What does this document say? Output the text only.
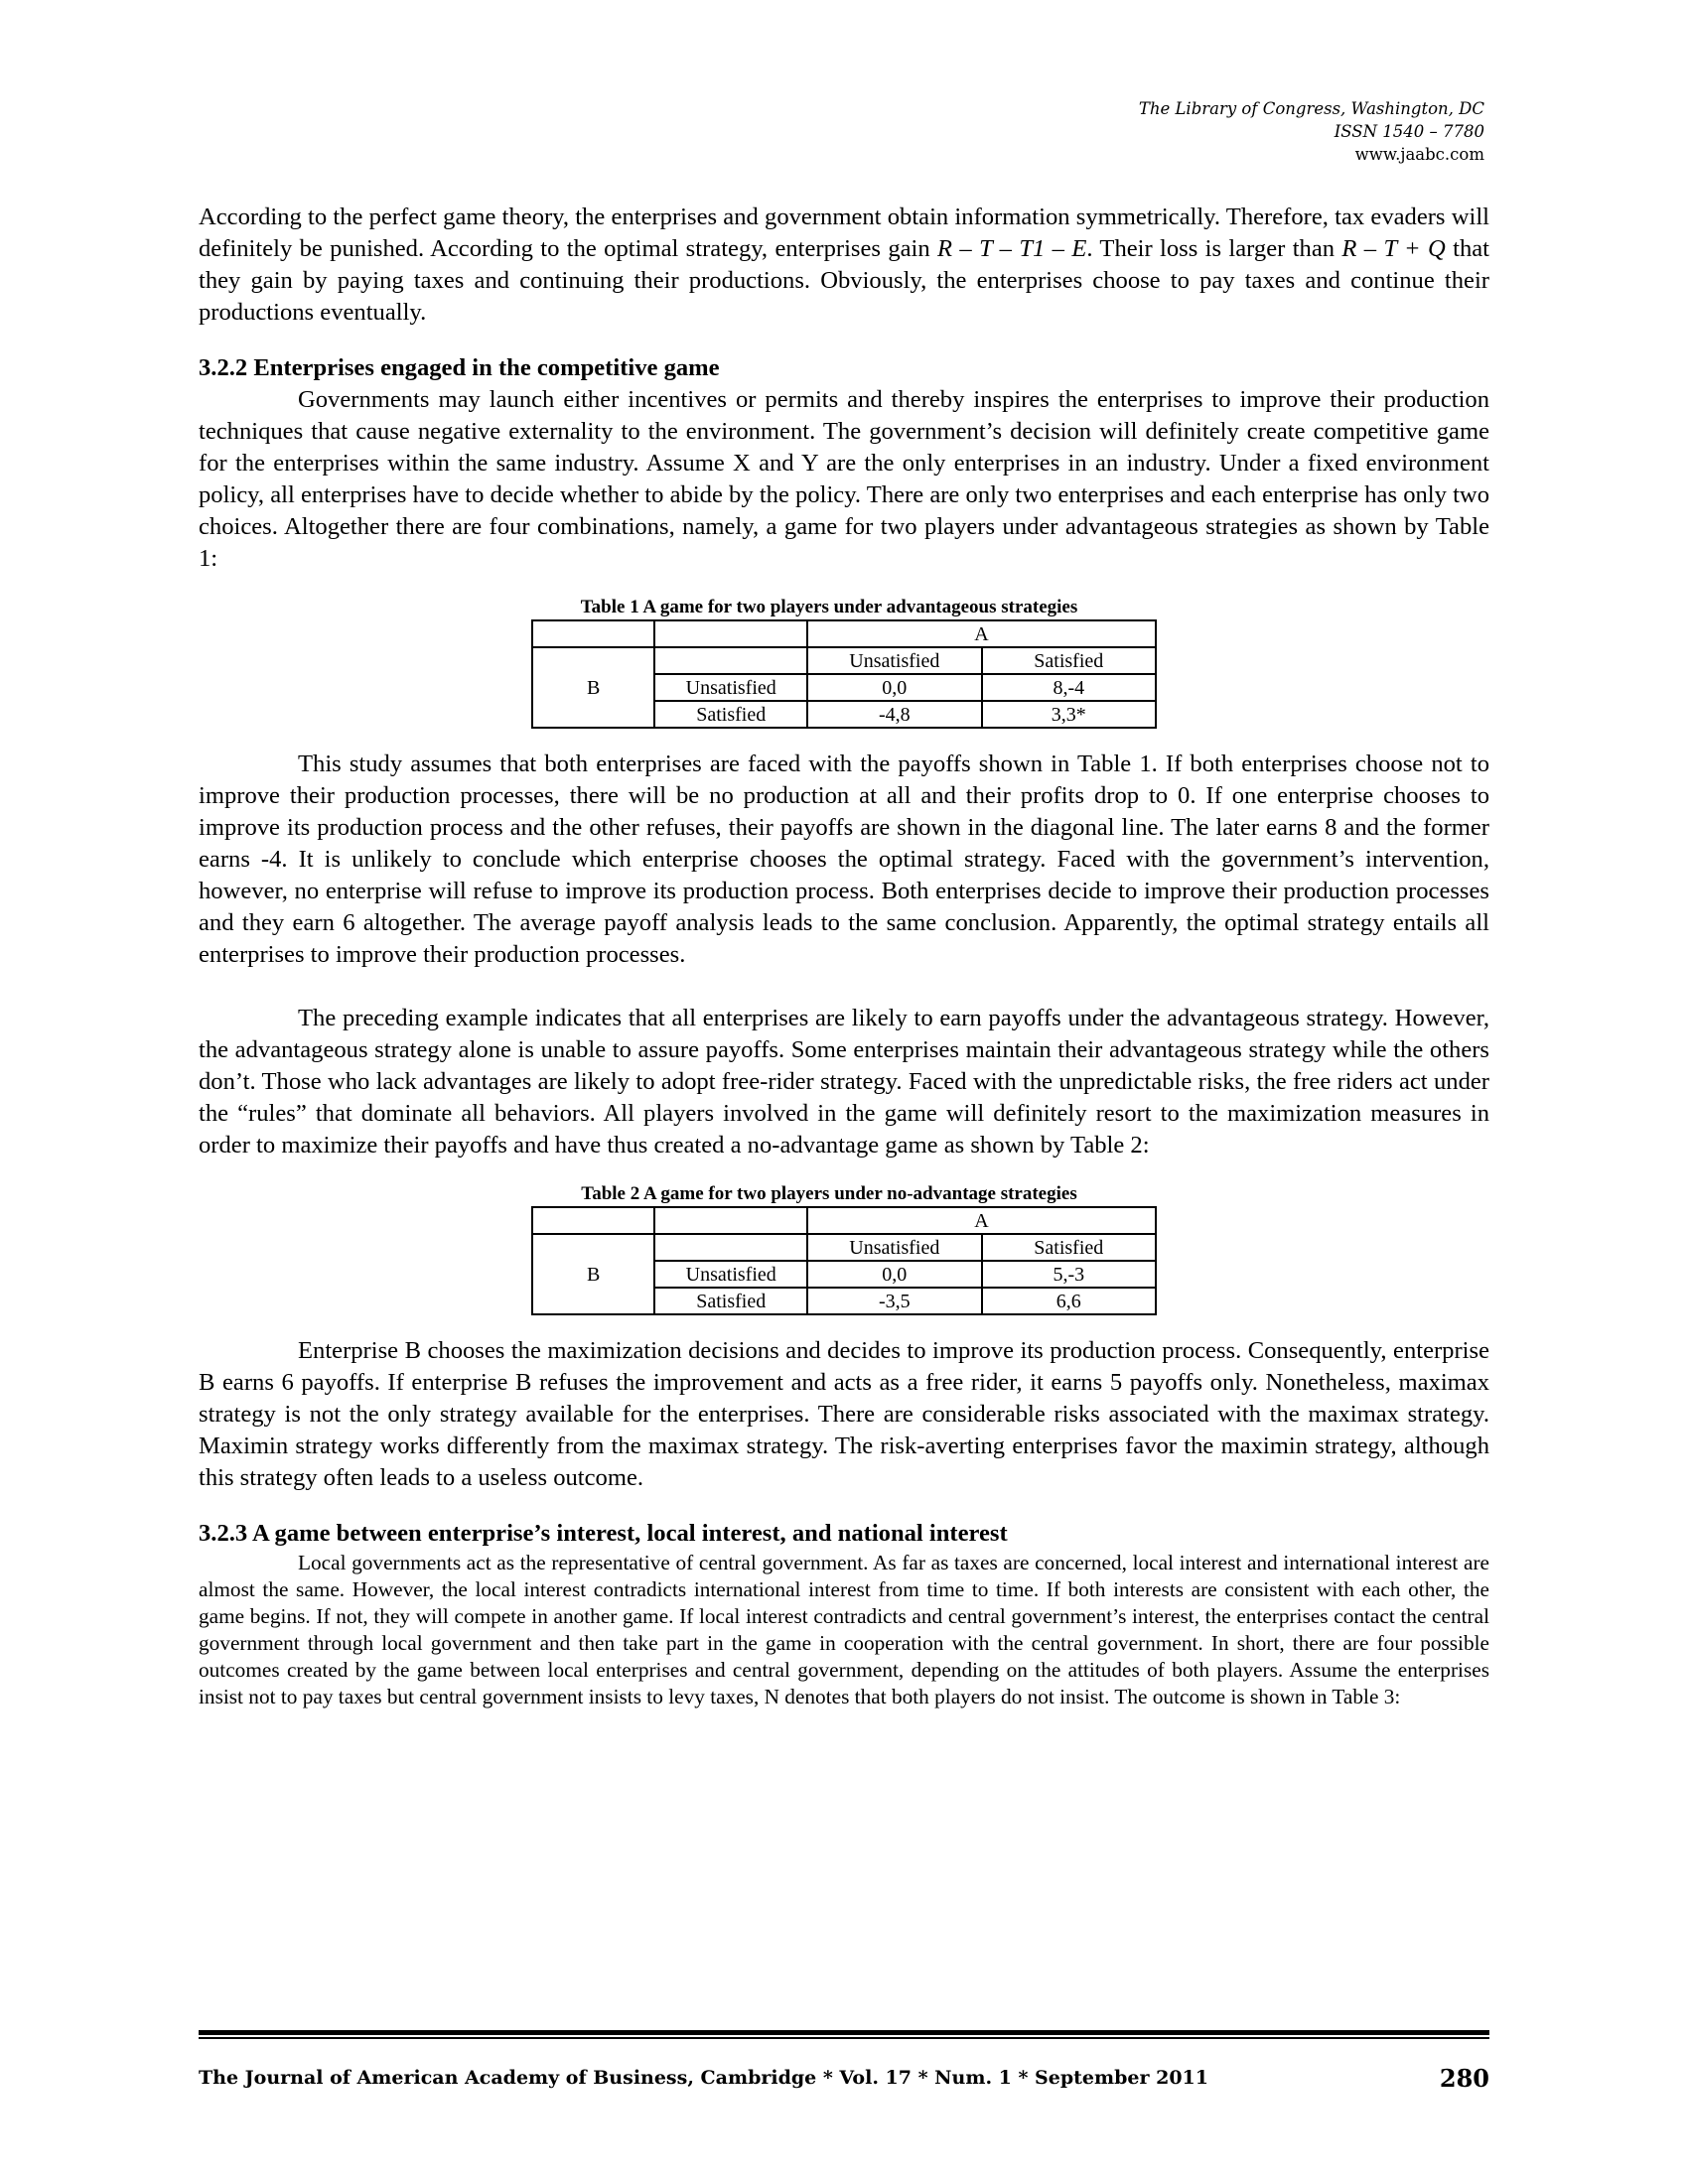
The Library of Congress, Washington, DC
ISSN 1540 – 7780
www.jaabc.com

According to the perfect game theory, the enterprises and government obtain information symmetrically. Therefore, tax evaders will definitely be punished. According to the optimal strategy, enterprises gain R – T – T1 – E. Their loss is larger than R – T + Q that they gain by paying taxes and continuing their productions. Obviously, the enterprises choose to pay taxes and continue their productions eventually.

3.2.2 Enterprises engaged in the competitive game

Governments may launch either incentives or permits and thereby inspires the enterprises to improve their production techniques that cause negative externality to the environment. The government’s decision will definitely create competitive game for the enterprises within the same industry. Assume X and Y are the only enterprises in an industry. Under a fixed environment policy, all enterprises have to decide whether to abide by the policy. There are only two enterprises and each enterprise has only two choices. Altogether there are four combinations, namely, a game for two players under advantageous strategies as shown by Table 1:

Table 1 A game for two players under advantageous strategies
		A	
B		Unsatisfied	Satisfied
	Unsatisfied	0,0	8,-4
	Satisfied	-4,8	3,3*

This study assumes that both enterprises are faced with the payoffs shown in Table 1. If both enterprises choose not to improve their production processes, there will be no production at all and their profits drop to 0. If one enterprise chooses to improve its production process and the other refuses, their payoffs are shown in the diagonal line. The later earns 8 and the former earns -4. It is unlikely to conclude which enterprise chooses the optimal strategy. Faced with the government’s intervention, however, no enterprise will refuse to improve its production process. Both enterprises decide to improve their production processes and they earn 6 altogether. The average payoff analysis leads to the same conclusion. Apparently, the optimal strategy entails all enterprises to improve their production processes.

The preceding example indicates that all enterprises are likely to earn payoffs under the advantageous strategy. However, the advantageous strategy alone is unable to assure payoffs. Some enterprises maintain their advantageous strategy while the others don’t. Those who lack advantages are likely to adopt free-rider strategy. Faced with the unpredictable risks, the free riders act under the “rules” that dominate all behaviors. All players involved in the game will definitely resort to the maximization measures in order to maximize their payoffs and have thus created a no-advantage game as shown by Table 2:

Table 2 A game for two players under no-advantage strategies
		A	
B		Unsatisfied	Satisfied
	Unsatisfied	0,0	5,-3
	Satisfied	-3,5	6,6

Enterprise B chooses the maximization decisions and decides to improve its production process. Consequently, enterprise B earns 6 payoffs. If enterprise B refuses the improvement and acts as a free rider, it earns 5 payoffs only. Nonetheless, maximax strategy is not the only strategy available for the enterprises. There are considerable risks associated with the maximax strategy. Maximin strategy works differently from the maximax strategy. The risk-averting enterprises favor the maximin strategy, although this strategy often leads to a useless outcome.

3.2.3 A game between enterprise’s interest, local interest, and national interest

Local governments act as the representative of central government. As far as taxes are concerned, local interest and international interest are almost the same. However, the local interest contradicts international interest from time to time. If both interests are consistent with each other, the game begins. If not, they will compete in another game. If local interest contradicts and central government’s interest, the enterprises contact the central government through local government and then take part in the game in cooperation with the central government. In short, there are four possible outcomes created by the game between local enterprises and central government, depending on the attitudes of both players. Assume the enterprises insist not to pay taxes but central government insists to levy taxes, N denotes that both players do not insist. The outcome is shown in Table 3:

The Journal of American Academy of Business, Cambridge * Vol. 17 * Num. 1 * September 2011	280
